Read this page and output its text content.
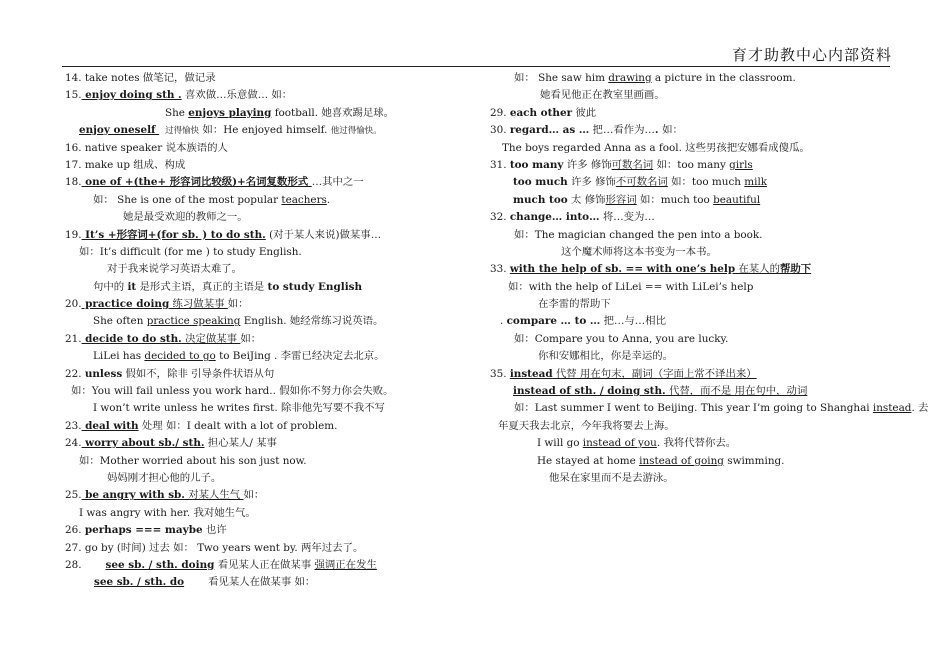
育才助教中心内部资料
14. take notes 做笔记，做记录
15. enjoy doing sth . 喜欢做…乐意做… 如：
She enjoys playing football. 她喜欢踢足球。
enjoy oneself 过得愉快 如：He enjoyed himself. 他过得愉快。
16. native speaker 说本族语的人
17. make up 组成、构成
18. one of +(the+ 形容词比较级)+名词复数形式 …其中之一
如： She is one of the most popular teachers.
她是最受欢迎的教师之一。
19. It’s +形容词+(for sb. ) to do sth. (对于某人来说)做某事…
如：It’s difficult (for me ) to study English.
对于我来说学习英语太难了。
句中的 it 是形式主语，真正的主语是 to study English
20. practice doing 练习做某事 如：
She often practice speaking English. 她经常练习说英语。
21. decide to do sth. 决定做某事 如：
LiLei has decided to go to BeiJing . 李雷已经决定去北京。
22. unless 假如不，除非 引导条件状语从句
如：You will fail unless you work hard.. 假如你不努力你会失败。
I won’t write unless he writes first. 除非他先写要不我不写
23. deal with 处理 如：I dealt with a lot of problem.
24. worry about sb./ sth. 担心某人/ 某事
如：Mother worried about his son just now.
妈妈刚才担心他的儿子。
25. be angry with sb. 对某人生气 如：
I was angry with her. 我对她生气。
26. perhaps === maybe 也许
27. go by (时间) 过去 如： Two years went by. 两年过去了。
28. see sb. / sth. doing 看见某人正在做某事 强调正在发生
see sb. / sth. do 看见某人在做某事 如：
如： She saw him drawing a picture in the classroom.
她看见他正在教室里画画。
29. each other 彼此
30. regard… as … 把…看作为…. 如：
The boys regarded Anna as a fool. 这些男孩把安娜看成傻瓜。
31. too many 许多 修饰可数名词 如：too many girls
too much 许多 修饰不可数名词 如：too much milk
much too 太 修饰形容词 如：much too beautiful
32. change… into… 将…变为…
如：The magician changed the pen into a book.
这个魔术师将这本书变为一本书。
33. with the help of sb. == with one’s help 在某人的帮助下
如：with the help of LiLei == with LiLei’s help
在李雷的帮助下
. compare … to … 把…与…相比
如：Compare you to Anna, you are lucky.
你和安娜相比，你是幸运的。
35. instead 代替 用在句末，副词（字面上常不译出来）
instead of sth. / doing sth. 代替，而不是 用在句中，动词
如：Last summer I went to Beijing. This year I’m going to Shanghai instead. 去
年夏天我去北京，今年我将要去上海。
I will go instead of you. 我将代替你去。
He stayed at home instead of going swimming.
他呆在家里而不是去游泳。
